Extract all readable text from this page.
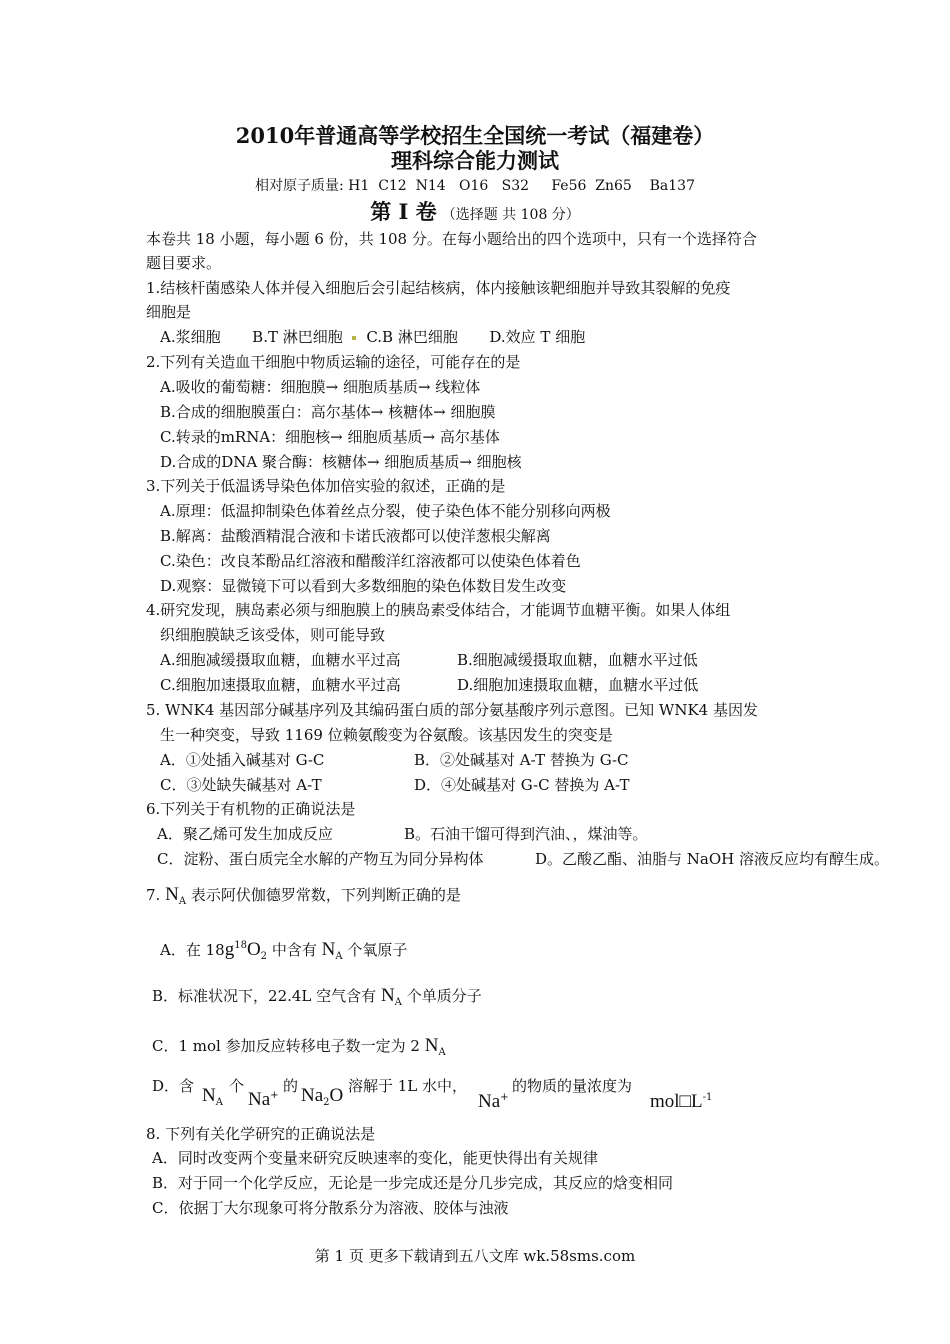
2010年普通高等学校招生全国统一考试（福建卷）
理科综合能力测试
相对原子质量: H1  C12  N14   O16   S32     Fe56  Zn65    Ba137
第 I 卷 （选择题 共 108 分）
本卷共 18 小题，每小题 6 份，共 108 分。在每小题给出的四个选项中，只有一个选择符合
题目要求。
1.结核杆菌感染人体并侵入细胞后会引起结核病，体内接触该靶细胞并导致其裂解的免疫
细胞是
A.浆细胞 B.T 淋巴细胞 C.B 淋巴细胞 D.效应 T 细胞
2.下列有关造血干细胞中物质运输的途径，可能存在的是
A.吸收的葡萄糖：细胞膜→ 细胞质基质→ 线粒体
B.合成的细胞膜蛋白：高尔基体→ 核糖体→ 细胞膜
C.转录的mRNA：细胞核→ 细胞质基质→ 高尔基体
D.合成的DNA 聚合酶：核糖体→ 细胞质基质→ 细胞核
3.下列关于低温诱导染色体加倍实验的叙述，正确的是
A.原理：低温抑制染色体着丝点分裂，使子染色体不能分别移向两极
B.解离：盐酸酒精混合液和卡诺氏液都可以使洋葱根尖解离
C.染色：改良苯酚品红溶液和醋酸洋红溶液都可以使染色体着色
D.观察：显微镜下可以看到大多数细胞的染色体数目发生改变
4.研究发现，胰岛素必须与细胞膜上的胰岛素受体结合，才能调节血糖平衡。如果人体组
织细胞膜缺乏该受体，则可能导致
A.细胞减缓摄取血糖，血糖水平过高	B.细胞减缓摄取血糖，血糖水平过低
C.细胞加速摄取血糖，血糖水平过高	D.细胞加速摄取血糖，血糖水平过低
5. WNK4 基因部分碱基序列及其编码蛋白质的部分氨基酸序列示意图。已知 WNK4 基因发
生一种突变，导致 1169 位赖氨酸变为谷氨酸。该基因发生的突变是
A．①处插入碱基对 G-C	B．②处碱基对 A-T 替换为 G-C
C．③处缺失碱基对 A-T	D．④处碱基对 G-C 替换为 A-T
6.下列关于有机物的正确说法是
A．聚乙烯可发生加成反应	B。石油干馏可得到汽油、，煤油等。
C．淀粉、蛋白质完全水解的产物互为同分异构体	D。乙酸乙酯、油脂与 NaOH 溶液反应均有醇生成。
7. $N_A$ 表示阿伏伽德罗常数，下列判断正确的是
A．在 $18g^{18}O_2$ 中含有 $N_A$ 个氧原子
B．标准状况下，22.4L 空气含有 $N_A$ 个单质分子
C．1 mol 参加反应转移电子数一定为 2 $N_A$
D．含 $N_A$
个
Na+
的 $Na_2O$ 溶解于 1L 水中，
Na+
的物质的量浓度为
$mol□L^{-1}$
8. 下列有关化学研究的正确说法是
A．同时改变两个变量来研究反映速率的变化，能更快得出有关规律
B．对于同一个化学反应，无论是一步完成还是分几步完成，其反应的焓变相同
C．依据丁大尔现象可将分散系分为溶液、胶体与浊液
第 1 页 更多下载请到五八文库 wk.58sms.com
